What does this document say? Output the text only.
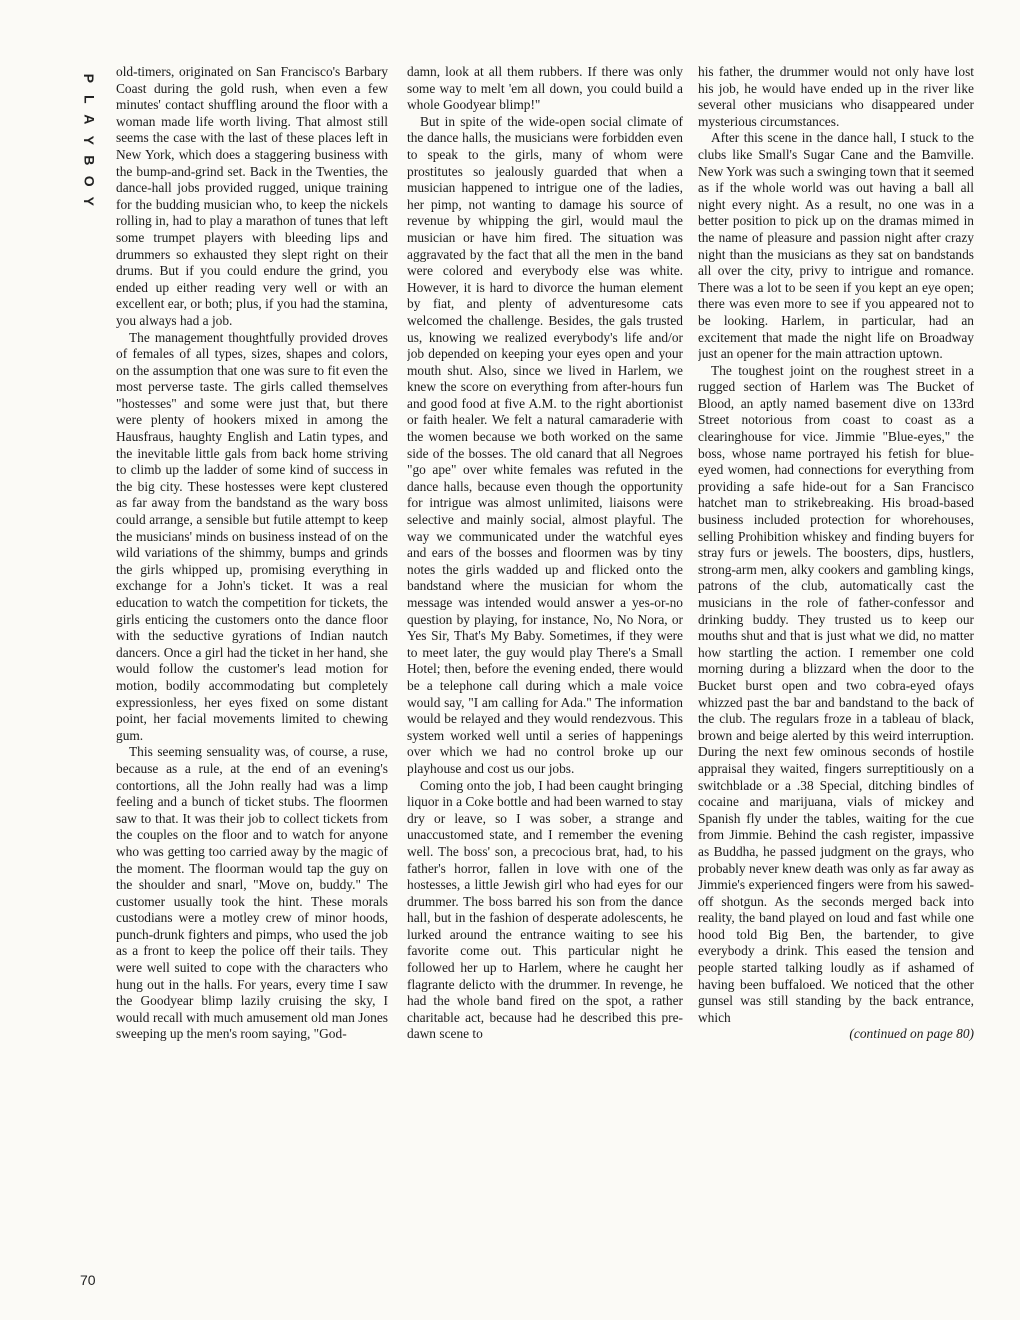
P
L
A
Y
B
O
Y

old-timers, originated on San Francisco's Barbary Coast during the gold rush, when even a few minutes' contact shuffling around the floor with a woman made life worth living. That almost still seems the case with the last of these places left in New York, which does a staggering business with the bump-and-grind set. Back in the Twenties, the dance-hall jobs provided rugged, unique training for the budding musician who, to keep the nickels rolling in, had to play a marathon of tunes that left some trumpet players with bleeding lips and drummers so exhausted they slept right on their drums. But if you could endure the grind, you ended up either reading very well or with an excellent ear, or both; plus, if you had the stamina, you always had a job.

The management thoughtfully provided droves of females of all types, sizes, shapes and colors, on the assumption that one was sure to fit even the most perverse taste. The girls called themselves "hostesses" and some were just that, but there were plenty of hookers mixed in among the Hausfraus, haughty English and Latin types, and the inevitable little gals from back home striving to climb up the ladder of some kind of success in the big city. These hostesses were kept clustered as far away from the bandstand as the wary boss could arrange, a sensible but futile attempt to keep the musicians' minds on business instead of on the wild variations of the shimmy, bumps and grinds the girls whipped up, promising everything in exchange for a John's ticket. It was a real education to watch the competition for tickets, the girls enticing the customers onto the dance floor with the seductive gyrations of Indian nautch dancers. Once a girl had the ticket in her hand, she would follow the customer's lead motion for motion, bodily accommodating but completely expressionless, her eyes fixed on some distant point, her facial movements limited to chewing gum.

This seeming sensuality was, of course, a ruse, because as a rule, at the end of an evening's contortions, all the John really had was a limp feeling and a bunch of ticket stubs. The floormen saw to that. It was their job to collect tickets from the couples on the floor and to watch for anyone who was getting too carried away by the magic of the moment. The floorman would tap the guy on the shoulder and snarl, "Move on, buddy." The customer usually took the hint. These morals custodians were a motley crew of minor hoods, punch-drunk fighters and pimps, who used the job as a front to keep the police off their tails. They were well suited to cope with the characters who hung out in the halls. For years, every time I saw the Goodyear blimp lazily cruising the sky, I would recall with much amusement old man Jones sweeping up the men's room saying, "God-

damn, look at all them rubbers. If there was only some way to melt 'em all down, you could build a whole Goodyear blimp!"

But in spite of the wide-open social climate of the dance halls, the musicians were forbidden even to speak to the girls, many of whom were prostitutes so jealously guarded that when a musician happened to intrigue one of the ladies, her pimp, not wanting to damage his source of revenue by whipping the girl, would maul the musician or have him fired. The situation was aggravated by the fact that all the men in the band were colored and everybody else was white. However, it is hard to divorce the human element by fiat, and plenty of adventuresome cats welcomed the challenge. Besides, the gals trusted us, knowing we realized everybody's life and/or job depended on keeping your eyes open and your mouth shut. Also, since we lived in Harlem, we knew the score on everything from after-hours fun and good food at five A.M. to the right abortionist or faith healer. We felt a natural camaraderie with the women because we both worked on the same side of the bosses. The old canard that all Negroes "go ape" over white females was refuted in the dance halls, because even though the opportunity for intrigue was almost unlimited, liaisons were selective and mainly social, almost playful. The way we communicated under the watchful eyes and ears of the bosses and floormen was by tiny notes the girls wadded up and flicked onto the bandstand where the musician for whom the message was intended would answer a yes-or-no question by playing, for instance, No, No Nora, or Yes Sir, That's My Baby. Sometimes, if they were to meet later, the guy would play There's a Small Hotel; then, before the evening ended, there would be a telephone call during which a male voice would say, "I am calling for Ada." The information would be relayed and they would rendezvous. This system worked well until a series of happenings over which we had no control broke up our playhouse and cost us our jobs.

Coming onto the job, I had been caught bringing liquor in a Coke bottle and had been warned to stay dry or leave, so I was sober, a strange and unaccustomed state, and I remember the evening well. The boss' son, a precocious brat, had, to his father's horror, fallen in love with one of the hostesses, a little Jewish girl who had eyes for our drummer. The boss barred his son from the dance hall, but in the fashion of desperate adolescents, he lurked around the entrance waiting to see his favorite come out. This particular night he followed her up to Harlem, where he caught her flagrante delicto with the drummer. In revenge, he had the whole band fired on the spot, a rather charitable act, because had he described this pre-dawn scene to

his father, the drummer would not only have lost his job, he would have ended up in the river like several other musicians who disappeared under mysterious circumstances.

After this scene in the dance hall, I stuck to the clubs like Small's Sugar Cane and the Bamville. New York was such a swinging town that it seemed as if the whole world was out having a ball all night every night. As a result, no one was in a better position to pick up on the dramas mimed in the name of pleasure and passion night after crazy night than the musicians as they sat on bandstands all over the city, privy to intrigue and romance. There was a lot to be seen if you kept an eye open; there was even more to see if you appeared not to be looking. Harlem, in particular, had an excitement that made the night life on Broadway just an opener for the main attraction uptown.

The toughest joint on the roughest street in a rugged section of Harlem was The Bucket of Blood, an aptly named basement dive on 133rd Street notorious from coast to coast as a clearinghouse for vice. Jimmie "Blue-eyes," the boss, whose name portrayed his fetish for blue-eyed women, had connections for everything from providing a safe hide-out for a San Francisco hatchet man to strikebreaking. His broad-based business included protection for whorehouses, selling Prohibition whiskey and finding buyers for stray furs or jewels. The boosters, dips, hustlers, strong-arm men, alky cookers and gambling kings, patrons of the club, automatically cast the musicians in the role of father-confessor and drinking buddy. They trusted us to keep our mouths shut and that is just what we did, no matter how startling the action. I remember one cold morning during a blizzard when the door to the Bucket burst open and two cobra-eyed ofays whizzed past the bar and bandstand to the back of the club. The regulars froze in a tableau of black, brown and beige alerted by this weird interruption. During the next few ominous seconds of hostile appraisal they waited, fingers surreptitiously on a switchblade or a .38 Special, ditching bindles of cocaine and marijuana, vials of mickey and Spanish fly under the tables, waiting for the cue from Jimmie. Behind the cash register, impassive as Buddha, he passed judgment on the grays, who probably never knew death was only as far away as Jimmie's experienced fingers were from his sawed-off shotgun. As the seconds merged back into reality, the band played on loud and fast while one hood told Big Ben, the bartender, to give everybody a drink. This eased the tension and people started talking loudly as if ashamed of having been buffaloed. We noticed that the other gunsel was still standing by the back entrance, which

(continued on page 80)

70
